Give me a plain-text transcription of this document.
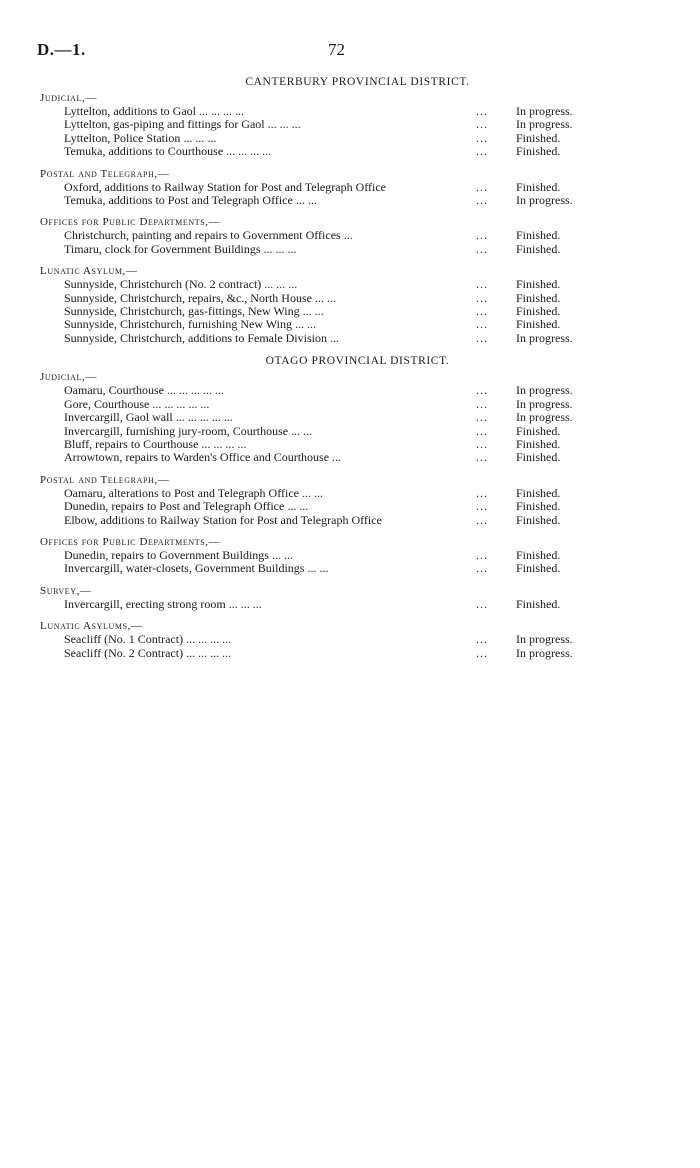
D.—1.	72
CANTERBURY PROVINCIAL DISTRICT.
Judicial,—
Lyttelton, additions to Gaol ... ... ... ...	...	In progress.
Lyttelton, gas-piping and fittings for Gaol ... ... ...	...	In progress.
Lyttelton, Police Station ... ... ...	...	Finished.
Temuka, additions to Courthouse ... ... ... ...	...	Finished.
Postal and Telegraph,—
Oxford, additions to Railway Station for Post and Telegraph Office	...	Finished.
Temuka, additions to Post and Telegraph Office ... ...	...	In progress.
Offices for Public Departments,—
Christchurch, painting and repairs to Government Offices ...	...	Finished.
Timaru, clock for Government Buildings ... ... ...	...	Finished.
Lunatic Asylum,—
Sunnyside, Christchurch (No. 2 contract) ... ... ...	...	Finished.
Sunnyside, Christchurch, repairs, &c., North House ... ...	...	Finished.
Sunnyside, Christchurch, gas-fittings, New Wing ... ...	...	Finished.
Sunnyside, Christchurch, furnishing New Wing ... ...	...	Finished.
Sunnyside, Christchurch, additions to Female Division ...	...	In progress.
OTAGO PROVINCIAL DISTRICT.
Judicial,—
Oamaru, Courthouse ... ... ... ... ...	...	In progress.
Gore, Courthouse ... ... ... ... ...	...	In progress.
Invercargill, Gaol wall ... ... ... ... ...	...	In progress.
Invercargill, furnishing jury-room, Courthouse ... ...	...	Finished.
Bluff, repairs to Courthouse ... ... ... ...	...	Finished.
Arrowtown, repairs to Warden's Office and Courthouse ...	...	Finished.
Postal and Telegraph,—
Oamaru, alterations to Post and Telegraph Office ... ...	...	Finished.
Dunedin, repairs to Post and Telegraph Office ... ...	...	Finished.
Elbow, additions to Railway Station for Post and Telegraph Office	...	Finished.
Offices for Public Departments,—
Dunedin, repairs to Government Buildings ... ...	...	Finished.
Invercargill, water-closets, Government Buildings ... ...	...	Finished.
Survey,—
Invercargill, erecting strong room ... ... ...	...	Finished.
Lunatic Asylums,—
Seacliff (No. 1 Contract) ... ... ... ...	...	In progress.
Seacliff (No. 2 Contract) ... ... ... ...	...	In progress.
